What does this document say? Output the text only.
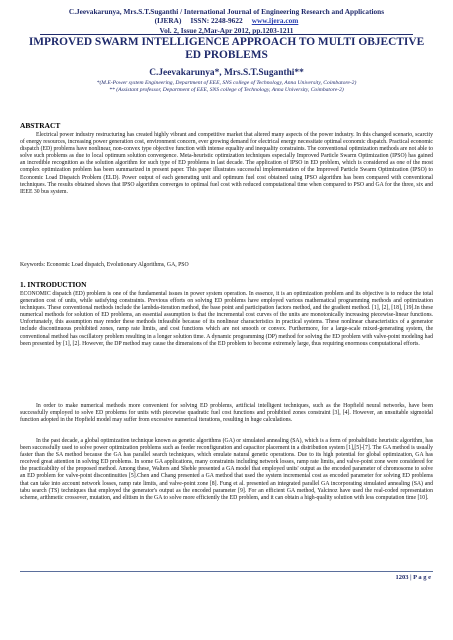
C.Jeevakarunya, Mrs.S.T.Suganthi / International Journal of Engineering Research and Applications
(IJERA) ISSN: 2248-9622 www.ijera.com
Vol. 2, Issue 2,Mar-Apr 2012, pp.1203-1211
IMPROVED SWARM INTELLIGENCE APPROACH TO MULTI OBJECTIVE ED PROBLEMS

C.Jeevakarunya*, Mrs.S.T.Suganthi**

*(M.E-Power system Engineering, Department of EEE, SNS college of Technology, Anna University, Coimbatore-2)

** (Assistant professor, Department of EEE, SNS college of Technology, Anna University, Coimbatore-2)

ABSTRACT

Electrical power industry restructuring has created highly vibrant and competitive market that altered many aspects of the power industry. In this changed scenario, scarcity of energy resources, increasing power generation cost, environment concern, ever growing demand for electrical energy necessitate optimal economic dispatch. Practical economic dispatch (ED) problems have nonlinear, non-convex type objective function with intense equality and inequality constraints. The conventional optimization methods are not able to solve such problems as due to local optimum solution convergence. Meta-heuristic optimization techniques especially Improved Particle Swarm Optimization (IPSO) has gained an incredible recognition as the solution algorithm for such type of ED problems in last decade. The application of IPSO in ED problem, which is considered as one of the most complex optimization problem has been summarized in present paper. This paper illustrates successful implementation of the Improved Particle Swarm Optimization (IPSO) to Economic Load Dispatch Problem (ELD). Power output of each generating unit and optimum fuel cost obtained using IPSO algorithm has been compared with conventional techniques. The results obtained shows that IPSO algorithm converges to optimal fuel cost with reduced computational time when compared to PSO and GA for the three, six and IEEE 30 bus system.

Keywords: Economic Load dispatch, Evolutionary Algorithms, GA, PSO

1. INTRODUCTION

ECONOMIC dispatch (ED) problem is one of the fundamental issues in power system operation. In essence, it is an optimization problem and its objective is to reduce the total generation cost of units, while satisfying constraints. Previous efforts on solving ED problems have employed various mathematical programming methods and optimization techniques. These conventional methods include the lambda-iteration method, the base point and participation factors method, and the gradient method. [1], [2], [18], [19].In these numerical methods for solution of ED problems, an essential assumption is that the incremental cost curves of the units are monotonically increasing piecewise-linear functions. Unfortunately, this assumption may render these methods infeasible because of its nonlinear characteristics in practical systems. These nonlinear characteristics of a generator include discontinuous prohibited zones, ramp rate limits, and cost functions which are not smooth or convex. Furthermore, for a large-scale mixed-generating system, the conventional method has oscillatory problem resulting in a longer solution time. A dynamic programming (DP) method for solving the ED problem with valve-point modeling had been presented by [1], [2]. However, the DP method may cause the dimensions of the ED problem to become extremely large, thus requiring enormous computational efforts.

In order to make numerical methods more convenient for solving ED problems, artificial intelligent techniques, such as the Hopfield neural networks, have been successfully employed to solve ED problems for units with piecewise quadratic fuel cost functions and prohibited zones constraint [3], [4]. However, an unsuitable sigmoidal function adopted in the Hopfield model may suffer from excessive numerical iterations, resulting in huge calculations.

In the past decade, a global optimization technique known as genetic algorithms (GA) or simulated annealing (SA), which is a form of probabilistic heuristic algorithm, has been successfully used to solve power optimization problems such as feeder reconfiguration and capacitor placement in a distribution system [1],[5]-[7]. The GA method is usually faster than the SA method because the GA has parallel search techniques, which emulate natural genetic operations. Due to its high potential for global optimization, GA has received great attention in solving ED problems. In some GA applications, many constraints including network losses, ramp rate limits, and valve-point zone were considered for the practicability of the proposed method. Among these, Walters and Sheble presented a GA model that employed units' output as the encoded parameter of chromosome to solve an ED problem for valve-point discontinuities [5].Chen and Chang presented a GA method that used the system incremental cost as encoded parameter for solving ED problems that can take into account network losses, ramp rate limits, and valve-point zone [8]. Fung et al. presented an integrated parallel GA incorporating simulated annealing (SA) and tabu search (TS) techniques that employed the generator's output as the encoded parameter [9]. For an efficient GA method, Yalcinoz have used the real-coded representation scheme, arithmetic crossover, mutation, and elitism in the GA to solve more efficiently the ED problem, and it can obtain a high-quality solution with less computation time [10].

1203 | P a g e
